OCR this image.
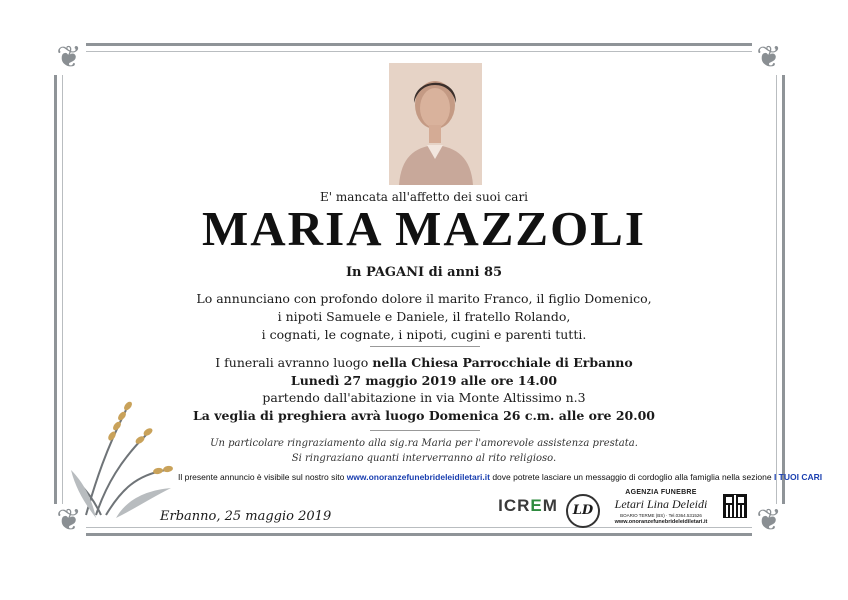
❦	❦
❦	❦
E' mancata all'affetto dei suoi cari
MARIA MAZZOLI
In PAGANI di anni 85
Lo annunciano con profondo dolore il marito Franco, il figlio Domenico,
i nipoti Samuele e Daniele, il fratello Rolando,
i cognati, le cognate, i nipoti, cugini e parenti tutti.
I funerali avranno luogo nella Chiesa Parrocchiale di Erbanno
Lunedì 27 maggio 2019 alle ore 14.00
partendo dall'abitazione in via Monte Altissimo n.3
La veglia di preghiera avrà luogo Domenica 26 c.m. alle ore 20.00
Un particolare ringraziamento alla sig.ra Maria per l'amorevole assistenza prestata.
Si ringraziano quanti interverranno al rito religioso.
Il presente annuncio è visibile sul nostro sito www.onoranzefunebrideleidiletari.it dove potrete lasciare un messaggio di cordoglio alla famiglia nella sezione I TUOI CARI
Erbanno, 25 maggio 2019
ICREM	LD
AGENZIA FUNEBRE
Letari Lina Deleidi
BOARIO TERME (BS) · Tel.0364.531526
www.onoranzefunebrideleidiletari.it
